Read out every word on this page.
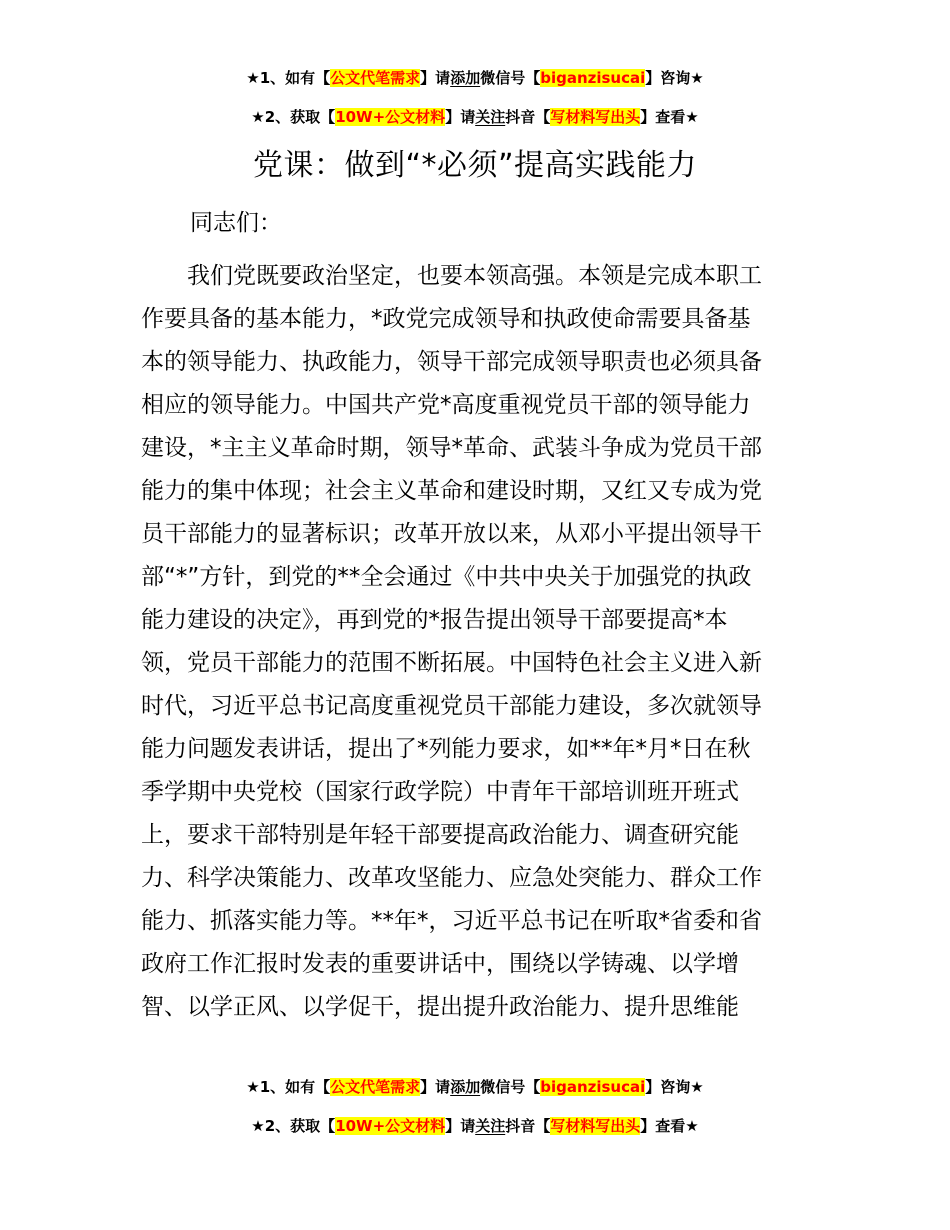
★1、如有【公文代笔需求】请添加微信号【biganzisucai】咨询★
★2、获取【10W+公文材料】请关注抖音【写材料写出头】查看★
党课：做到“*必须”提高实践能力
同志们：
　　我们党既要政治坚定，也要本领高强。本领是完成本职工
作要具备的基本能力，*政党完成领导和执政使命需要具备基
本的领导能力、执政能力，领导干部完成领导职责也必须具备
相应的领导能力。中国共产党*高度重视党员干部的领导能力
建设，*主主义革命时期，领导*革命、武装斗争成为党员干部
能力的集中体现；社会主义革命和建设时期，又红又专成为党
员干部能力的显著标识；改革开放以来，从邓小平提出领导干
部“*”方针，到党的**全会通过《中共中央关于加强党的执政
能力建设的决定》，再到党的*报告提出领导干部要提高*本
领，党员干部能力的范围不断拓展。中国特色社会主义进入新
时代，习近平总书记高度重视党员干部能力建设，多次就领导
能力问题发表讲话，提出了*列能力要求，如**年*月*日在秋
季学期中央党校（国家行政学院）中青年干部培训班开班式
上，要求干部特别是年轻干部要提高政治能力、调查研究能
力、科学决策能力、改革攻坚能力、应急处突能力、群众工作
能力、抓落实能力等。**年*，习近平总书记在听取*省委和省
政府工作汇报时发表的重要讲话中，围绕以学铸魂、以学增
智、以学正风、以学促干，提出提升政治能力、提升思维能
★1、如有【公文代笔需求】请添加微信号【biganzisucai】咨询★
★2、获取【10W+公文材料】请关注抖音【写材料写出头】查看★
